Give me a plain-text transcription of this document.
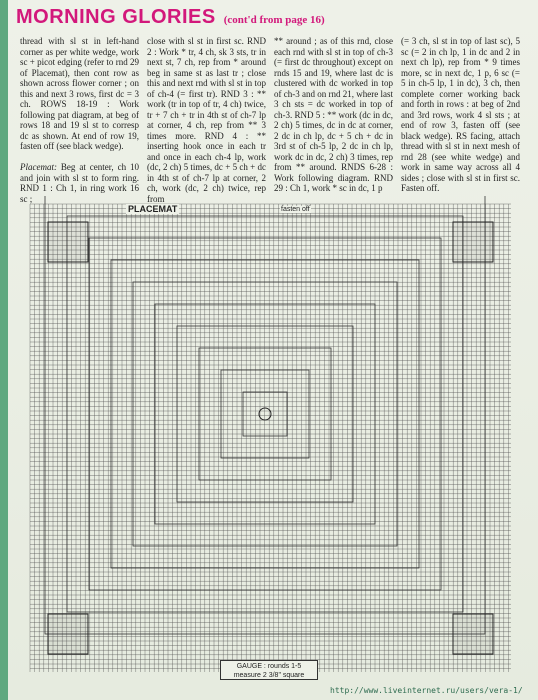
MORNING GLORIES (cont'd from page 16)
thread with sl st in left-hand corner as per white wedge, work sc + picot edging (refer to rnd 29 of Placemat), then cont row as shown across flower corner ; on this and next 3 rows, first dc = 3 ch. ROWS 18-19 : Work following pat diagram, at beg of rows 18 and 19 sl st to corresp dc as shown. At end of row 19, fasten off (see black wedge).

Placemat: Beg at center, ch 10 and join with sl st to form ring. RND 1 : Ch 1, in ring work 16 sc ;
close with sl st in first sc. RND 2 : Work * tr, 4 ch, sk 3 sts, tr in next st, 7 ch, rep from * around beg in same st as last tr ; close this and next rnd with sl st in top of ch-4 (= first tr). RND 3 : ** work (tr in top of tr, 4 ch) twice, tr + 7 ch + tr in 4th st of ch-7 lp at corner, 4 ch, rep from ** 3 times more. RND 4 : ** inserting hook once in each tr and once in each ch-4 lp, work (dc, 2 ch) 5 times, dc + 5 ch + dc in 4th st of ch-7 lp at corner, 2 ch, work (dc, 2 ch) twice, rep from
** around ; as of this rnd, close each rnd with sl st in top of ch-3 (= first dc throughout) except on rnds 15 and 19, where last dc is clustered with dc worked in top of ch-3 and on rnd 21, where last 3 ch sts = dc worked in top of ch-3. RND 5 : ** work (dc in dc, 2 ch) 5 times, dc in dc at corner, 2 dc in ch lp, dc + 5 ch + dc in 3rd st of ch-5 lp, 2 dc in ch lp, work dc in dc, 2 ch) 3 times, rep from ** around. RNDS 6-28 : Work following diagram. RND 29 : Ch 1, work * sc in dc, 1 p
(= 3 ch, sl st in top of last sc), 5 sc (= 2 in ch lp, 1 in dc and 2 in next ch lp), rep from * 9 times more, sc in next dc, 1 p, 6 sc (= 5 in ch-5 lp, 1 in dc), 3 ch, then complete corner working back and forth in rows : at beg of 2nd and 3rd rows, work 4 sl sts ; at end of row 3, fasten off (see black wedge). RS facing, attach thread with sl st in next mesh of rnd 28 (see white wedge) and work in same way across all 4 sides ; close with sl st in first sc. Fasten off.
PLACEMAT	fasten off
GAUGE : rounds 1-5
measure 2 3/8" square
http://www.liveinternet.ru/users/vera-1/
